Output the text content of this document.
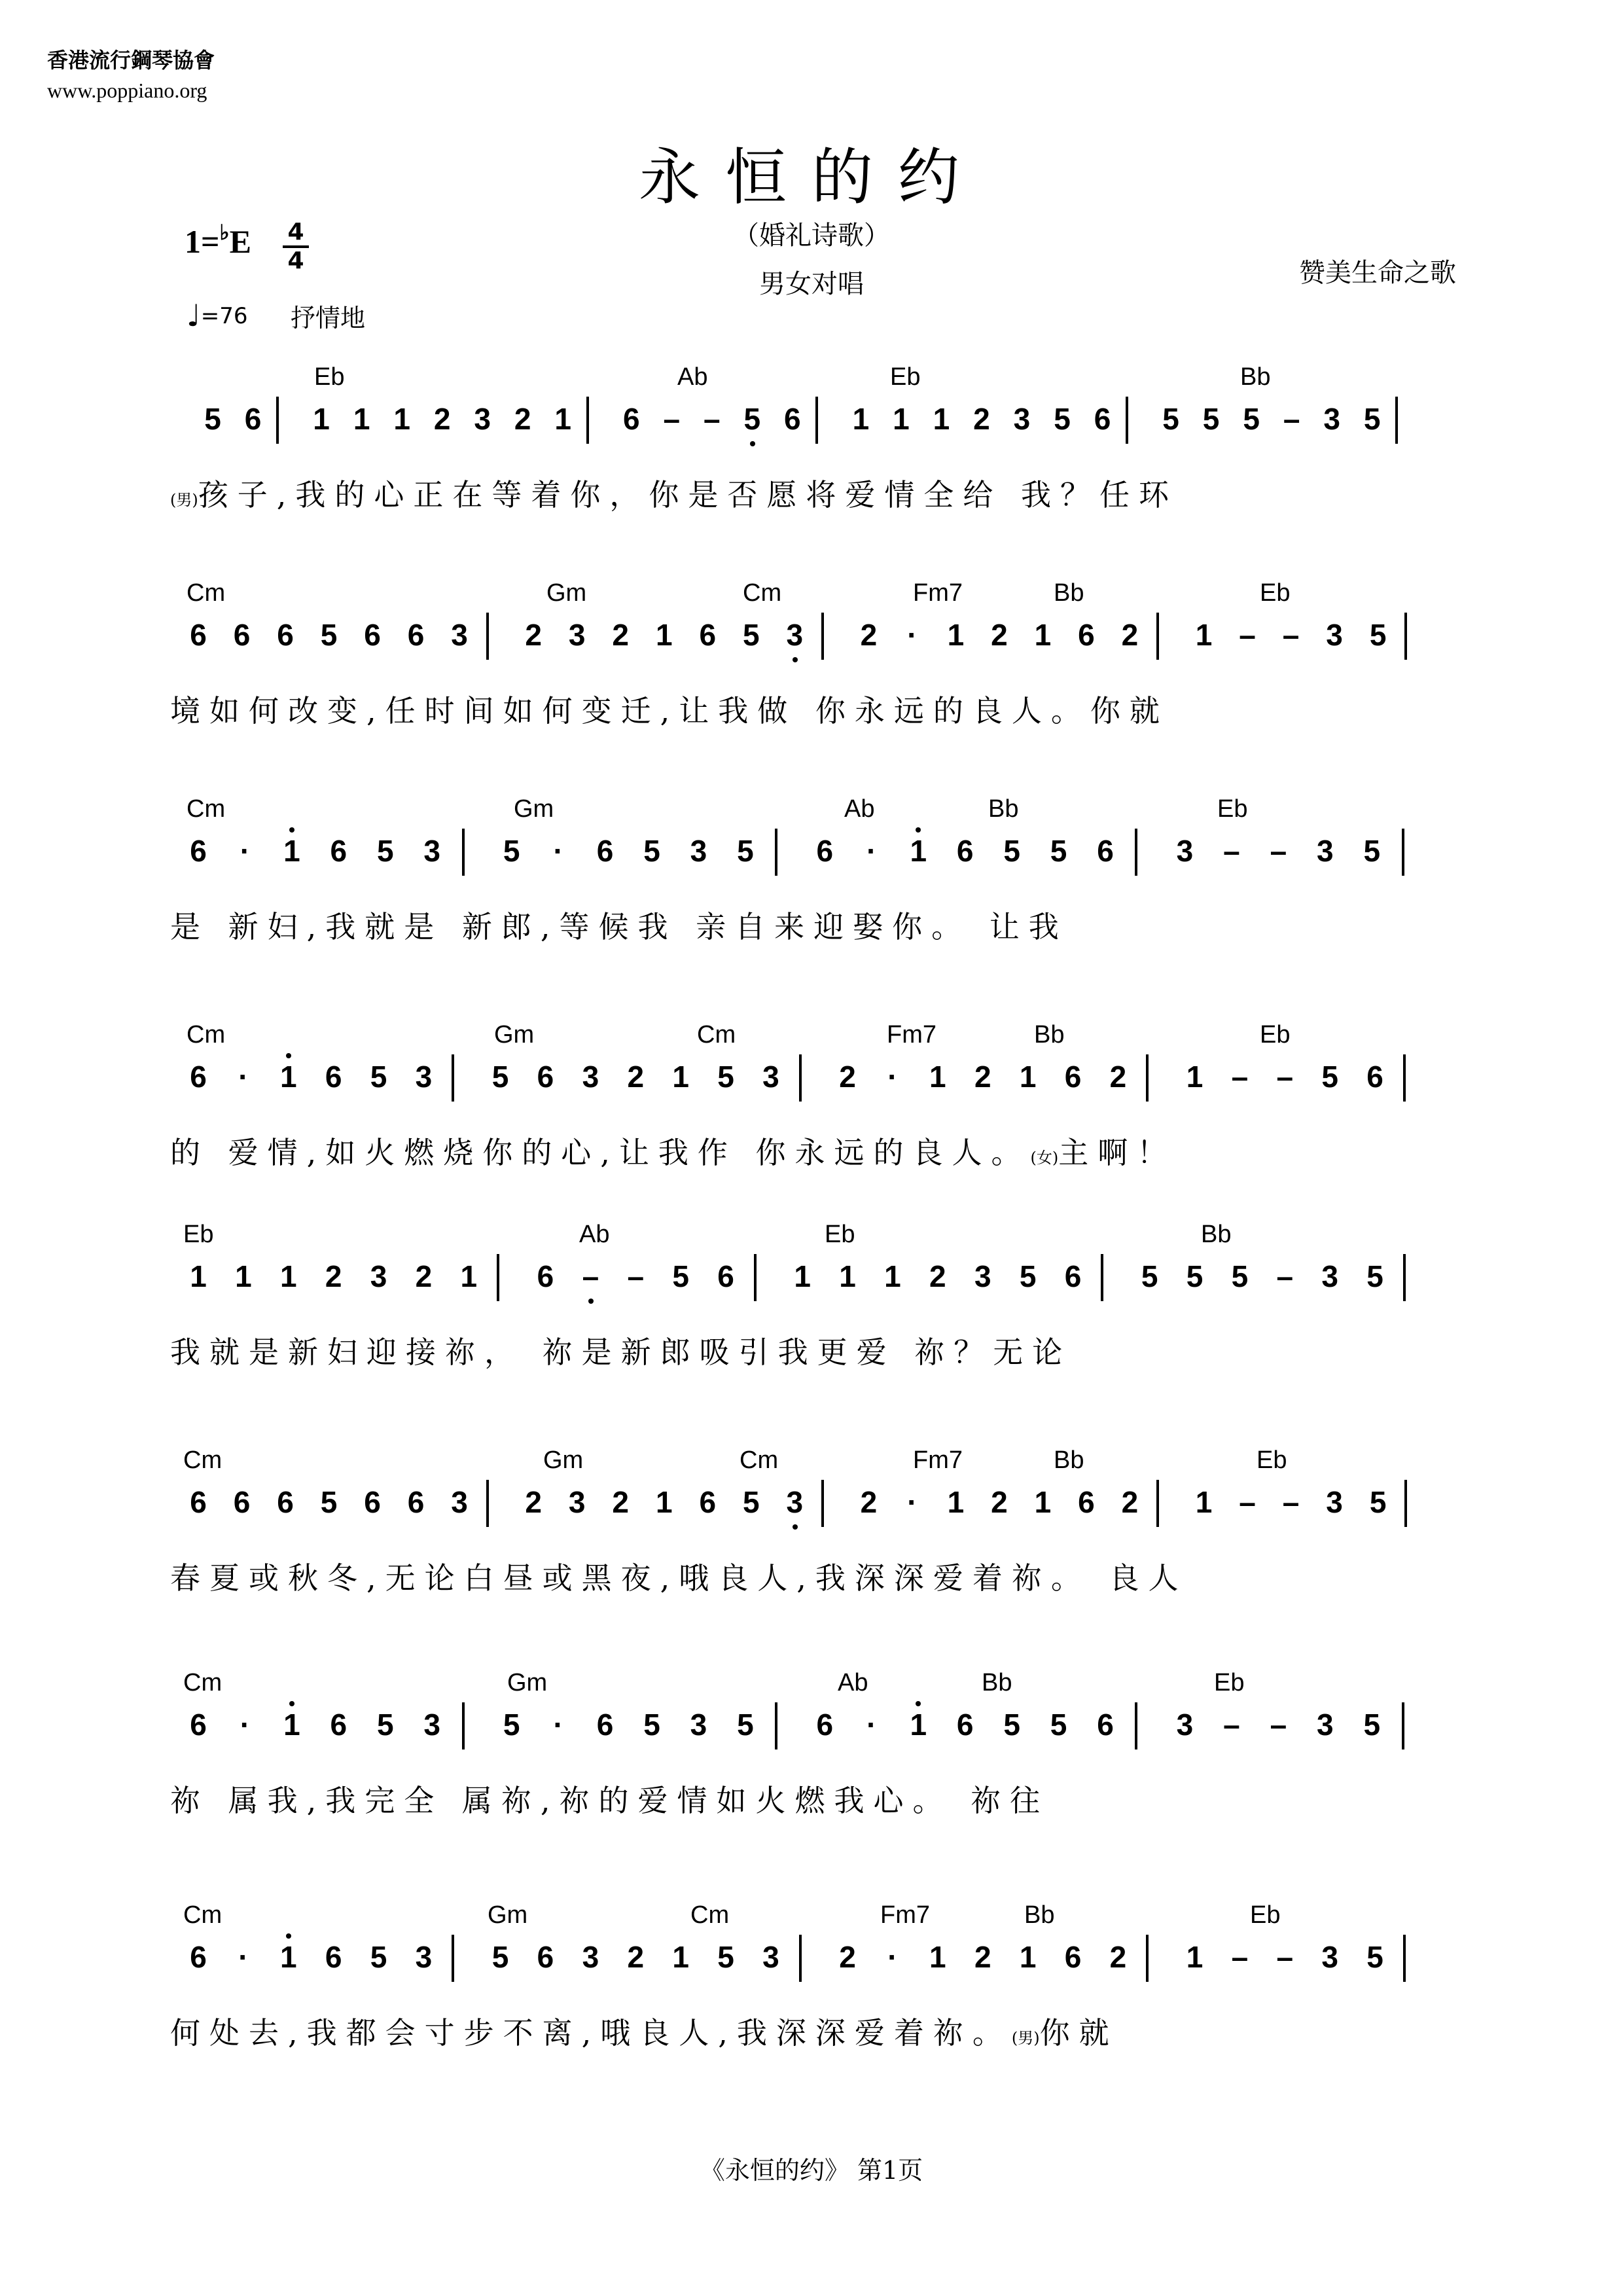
香港流行鋼琴協會
www.poppiano.org
永恒的约
（婚礼诗歌）
男女对唱
1=♭E 4
4
♩=76 抒情地
赞美生命之歌
Eb	Ab	Eb	Bb
5 6 1 1 1 2 3 2 1 6 – – 5 6 1 1 1 2 3 5 6 5 5 5 – 3 5
(男)孩子,我的心正在等着你，你是否愿将爱情全给 我？任环
Cm	Gm	Cm	Fm7	Bb	Eb
6 6 6 5 6 6 3 2 3 2 1 6 5 3 2 · 1 2 1 6 2 1 – – 3 5
境如何改变,任时间如何变迁,让我做 你永远的良人。你就
Cm	Gm	Ab	Bb	Eb
6 · 1 6 5 3 5 · 6 5 3 5 6 · 1 6 5 5 6 3 – – 3 5
是 新妇,我就是 新郎,等候我 亲自来迎娶你。 让我
Cm	Gm	Cm	Fm7	Bb	Eb
6 · 1 6 5 3 5 6 3 2 1 5 3 2 · 1 2 1 6 2 1 – – 5 6
的 爱情,如火燃烧你的心,让我作 你永远的良人。(女)主啊！
Eb	Ab	Eb	Bb
1 1 1 2 3 2 1 6 – – 5 6 1 1 1 2 3 5 6 5 5 5 – 3 5
我就是新妇迎接祢， 祢是新郎吸引我更爱 祢？无论
Cm	Gm	Cm	Fm7	Bb	Eb
6 6 6 5 6 6 3 2 3 2 1 6 5 3 2 · 1 2 1 6 2 1 – – 3 5
春夏或秋冬,无论白昼或黑夜,哦良人,我深深爱着祢。 良人
Cm	Gm	Ab	Bb	Eb
6 · 1 6 5 3 5 · 6 5 3 5 6 · 1 6 5 5 6 3 – – 3 5
祢 属我,我完全 属祢,祢的爱情如火燃我心。 祢往
Cm	Gm	Cm	Fm7	Bb	Eb
6 · 1 6 5 3 5 6 3 2 1 5 3 2 · 1 2 1 6 2 1 – – 3 5
何处去,我都会寸步不离,哦良人,我深深爱着祢。(男)你就
《永恒的约》 第1页
